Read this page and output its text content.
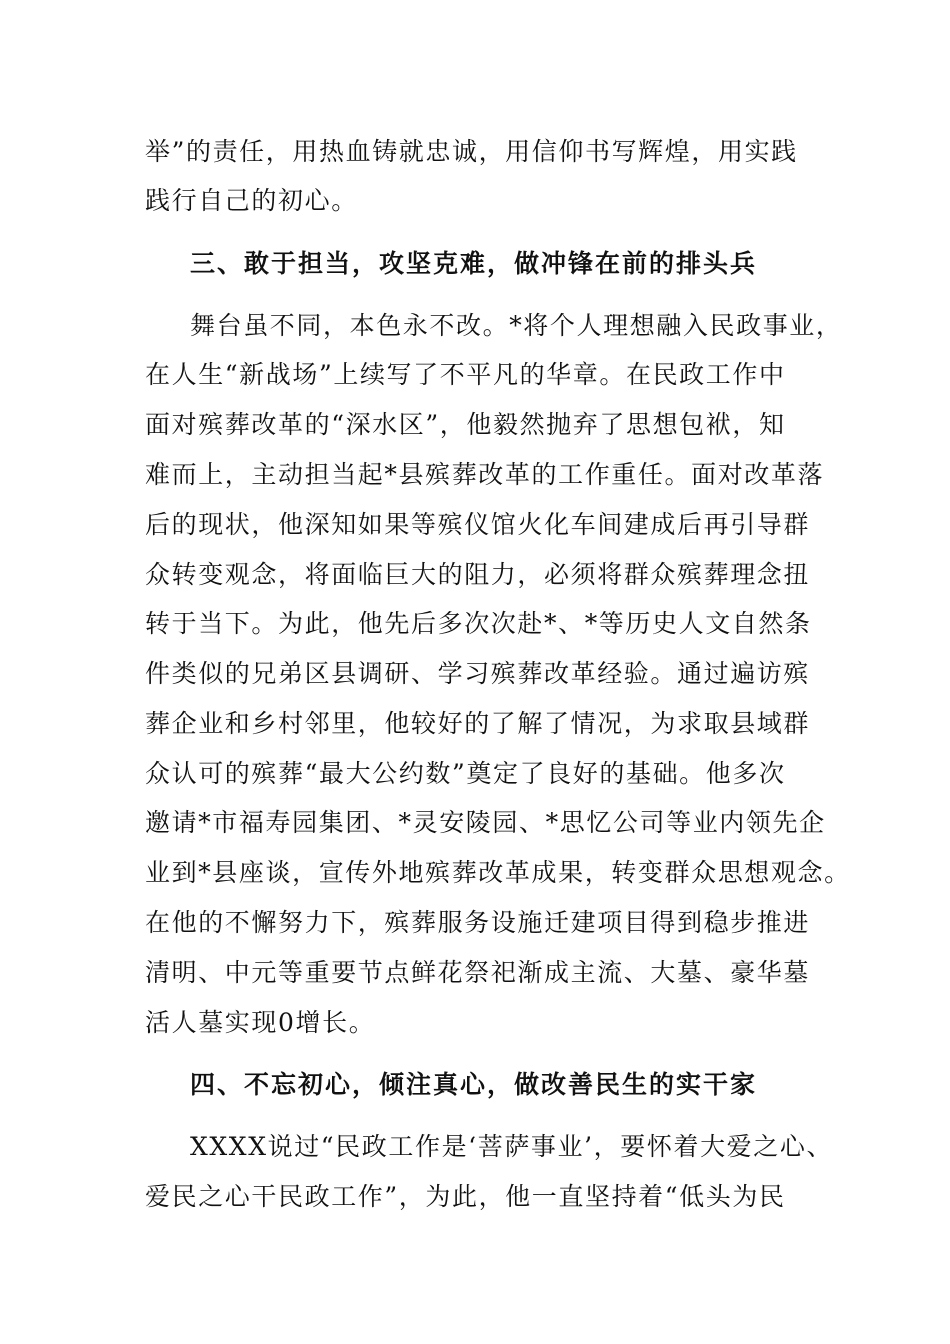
举”的责任，用热血铸就忠诚，用信仰书写辉煌，用实践
践行自己的初心。
三、敢于担当，攻坚克难，做冲锋在前的排头兵
舞台虽不同，本色永不改。*将个人理想融入民政事业，
在人生“新战场”上续写了不平凡的华章。在民政工作中
面对殡葬改革的“深水区”，他毅然抛弃了思想包袱，知
难而上，主动担当起*县殡葬改革的工作重任。面对改革落
后的现状，他深知如果等殡仪馆火化车间建成后再引导群
众转变观念，将面临巨大的阻力，必须将群众殡葬理念扭
转于当下。为此，他先后多次次赴*、*等历史人文自然条
件类似的兄弟区县调研、学习殡葬改革经验。通过遍访殡
葬企业和乡村邻里，他较好的了解了情况，为求取县域群
众认可的殡葬“最大公约数”奠定了良好的基础。他多次
邀请*市福寿园集团、*灵安陵园、*思忆公司等业内领先企
业到*县座谈，宣传外地殡葬改革成果，转变群众思想观念。
在他的不懈努力下，殡葬服务设施迁建项目得到稳步推进
清明、中元等重要节点鲜花祭祀渐成主流、大墓、豪华墓
活人墓实现0增长。
四、不忘初心，倾注真心，做改善民生的实干家
XXXX说过“民政工作是‘菩萨事业’，要怀着大爱之心、
爱民之心干民政工作”，为此，他一直坚持着“低头为民
